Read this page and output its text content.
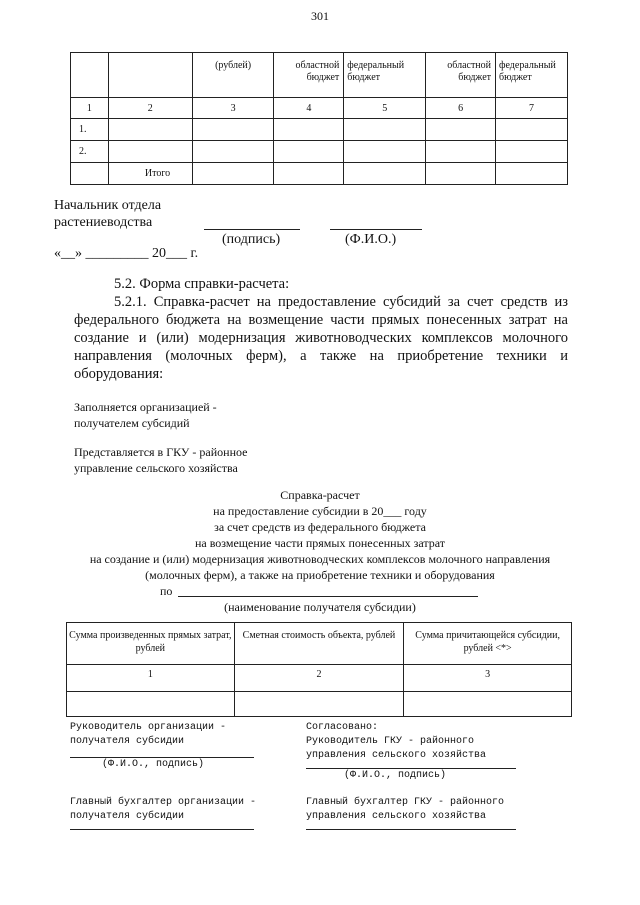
301
		(рублей)	областной бюджет	федеральный бюджет	областной бюджет	федеральный бюджет
1	2	3	4	5	6	7
1.						
2.						
	Итого					
Начальник отдела
растениеводства
(подпись)	(Ф.И.О.)
«__» _________ 20___ г.
5.2. Форма справки-расчета:
5.2.1. Справка-расчет на предоставление субсидий за счет средств из федерального бюджета на возмещение части прямых понесенных затрат на создание и (или) модернизация животноводческих комплексов молочного направления (молочных ферм), а также на приобретение техники и оборудования:
Заполняется организацией -
получателем субсидий
Представляется в ГКУ - районное
управление сельского хозяйства
Справка-расчет
на предоставление субсидии в 20___ году
за счет средств из федерального бюджета
на возмещение части прямых понесенных затрат
на создание и (или) модернизация животноводческих комплексов молочного направления
(молочных ферм), а также на приобретение техники и оборудования
по
(наименование получателя субсидии)
Сумма произведенных прямых затрат, рублей	Сметная стоимость объекта, рублей	Сумма причитающейся субсидии, рублей <*>
1	2	3

Руководитель организации -
получателя субсидии
(Ф.И.О., подпись)
Согласовано:
Руководитель ГКУ - районного
управления сельского хозяйства
(Ф.И.О., подпись)
Главный бухгалтер организации -
получателя субсидии
Главный бухгалтер ГКУ - районного
управления сельского хозяйства
